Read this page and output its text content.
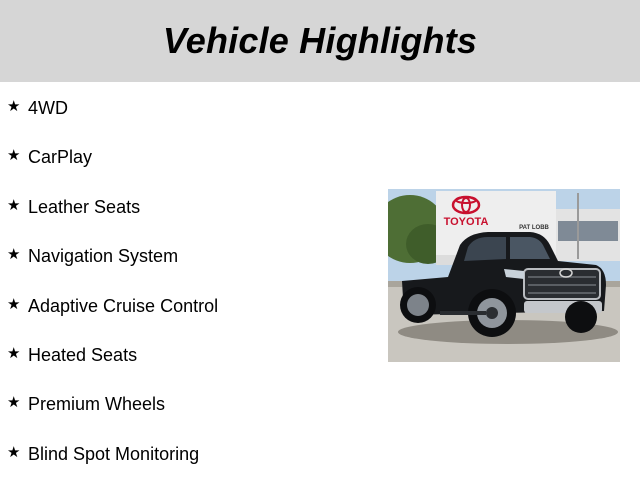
Vehicle Highlights
★ 4WD
★ CarPlay
★ Leather Seats
★ Navigation System
★ Adaptive Cruise Control
★ Heated Seats
★ Premium Wheels
★ Blind Spot Monitoring
TOYOTA	PAT LOBB
